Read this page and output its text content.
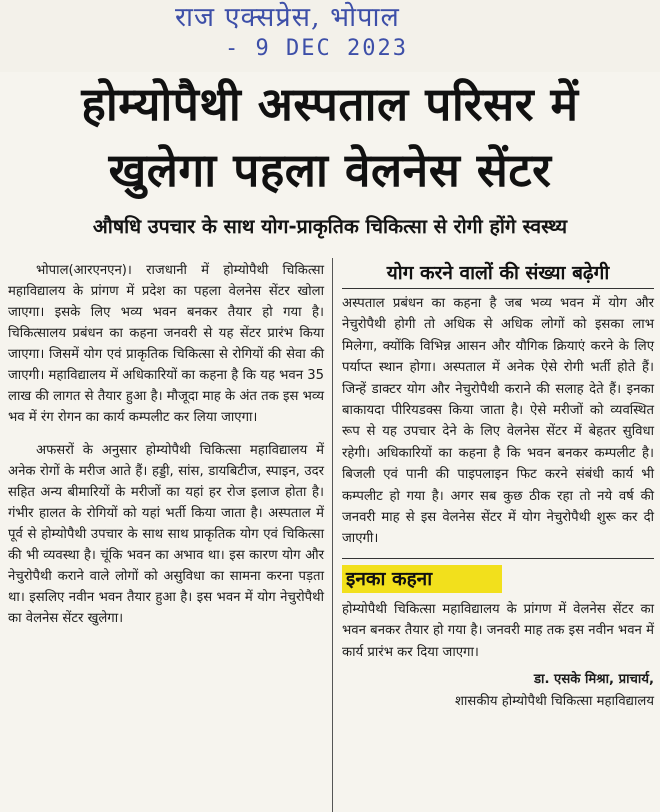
राज एक्सप्रेस, भोपाल
- 9 DEC 2023
होम्योपैथी अस्पताल परिसर में
खुलेगा पहला वेलनेस सेंटर
औषधि उपचार के साथ योग-प्राकृतिक चिकित्सा से रोगी होंगे स्वस्थ्य

भोपाल(आरएनएन)। राजधानी में होम्योपैथी चिकित्सा महाविद्यालय के प्रांगण में प्रदेश का पहला वेलनेस सेंटर खोला जाएगा। इसके लिए भव्य भवन बनकर तैयार हो गया है। चिकित्सालय प्रबंधन का कहना जनवरी से यह सेंटर प्रारंभ किया जाएगा। जिसमें योग एवं प्राकृतिक चिकित्सा से रोगियों की सेवा की जाएगी। महाविद्यालय में अधिकारियों का कहना है कि यह भवन 35 लाख की लागत से तैयार हुआ है। मौजूदा माह के अंत तक इस भव्य भव में रंग रोगन का कार्य कम्पलीट कर लिया जाएगा।

अफसरों के अनुसार होम्योपैथी चिकित्सा महाविद्यालय में अनेक रोगों के मरीज आते हैं। हड्डी, सांस, डायबिटीज, स्पाइन, उदर सहित अन्य बीमारियों के मरीजों का यहां हर रोज इलाज होता है। गंभीर हालत के रोगियों को यहां भर्ती किया जाता है। अस्पताल में पूर्व से होम्योपैथी उपचार के साथ साथ प्राकृतिक योग एवं चिकित्सा की भी व्यवस्था है। चूंकि भवन का अभाव था। इस कारण योग और नेचुरोपैथी कराने वाले लोगों को असुविधा का सामना करना पड़ता था। इसलिए नवीन भवन तैयार हुआ है। इस भवन में योग नेचुरोपैथी का वेलनेस सेंटर खुलेगा।

योग करने वालों की संख्या बढ़ेगी

अस्पताल प्रबंधन का कहना है जब भव्य भवन में योग और नेचुरोपैथी होगी तो अधिक से अधिक लोगों को इसका लाभ मिलेगा, क्योंकि विभिन्न आसन और यौगिक क्रियाएं करने के लिए पर्याप्त स्थान होगा। अस्पताल में अनेक ऐसे रोगी भर्ती होते हैं। जिन्हें डाक्टर योग और नेचुरोपैथी कराने की सलाह देते हैं। इनका बाकायदा पीरियडक्स किया जाता है। ऐसे मरीजों को व्यवस्थित रूप से यह उपचार देने के लिए वेलनेस सेंटर में बेहतर सुविधा रहेगी। अधिकारियों का कहना है कि भवन बनकर कम्पलीट है। बिजली एवं पानी की पाइपलाइन फिट करने संबंधी कार्य भी कम्पलीट हो गया है। अगर सब कुछ ठीक रहा तो नये वर्ष की जनवरी माह से इस वेलनेस सेंटर में योग नेचुरोपैथी शुरू कर दी जाएगी।

इनका कहना

होम्योपैथी चिकित्सा महाविद्यालय के प्रांगण में वेलनेस सेंटर का भवन बनकर तैयार हो गया है। जनवरी माह तक इस नवीन भवन में कार्य प्रारंभ कर दिया जाएगा।

डा. एसके मिश्रा, प्राचार्य,
शासकीय होम्योपैथी चिकित्सा महाविद्यालय
